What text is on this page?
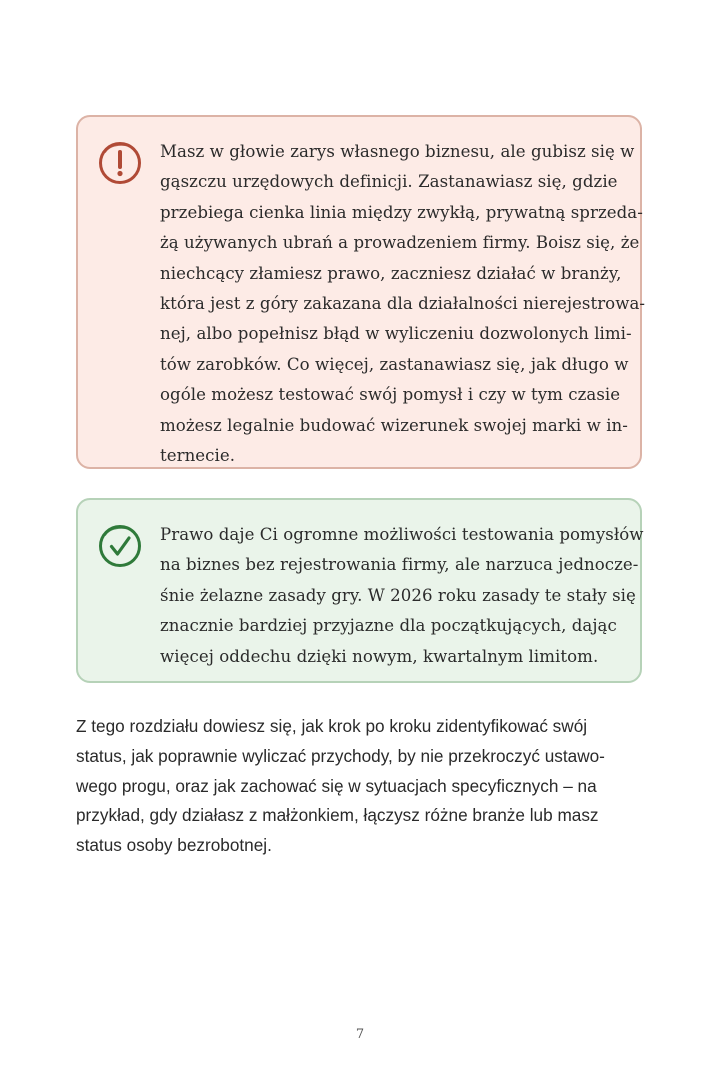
Masz w głowie zarys własnego biznesu, ale gubisz się w
gąszczu urzędowych definicji. Zastanawiasz się, gdzie
przebiega cienka linia między zwykłą, prywatną sprzeda-
żą używanych ubrań a prowadzeniem firmy. Boisz się, że
niechcący złamiesz prawo, zaczniesz działać w branży,
która jest z góry zakazana dla działalności nierejestrowa-
nej, albo popełnisz błąd w wyliczeniu dozwolonych limi-
tów zarobków. Co więcej, zastanawiasz się, jak długo w
ogóle możesz testować swój pomysł i czy w tym czasie
możesz legalnie budować wizerunek swojej marki w in-
ternecie.

Prawo daje Ci ogromne możliwości testowania pomysłów
na biznes bez rejestrowania firmy, ale narzuca jednocze-
śnie żelazne zasady gry. W 2026 roku zasady te stały się
znacznie bardziej przyjazne dla początkujących, dając
więcej oddechu dzięki nowym, kwartalnym limitom.

Z tego rozdziału dowiesz się, jak krok po kroku zidentyfikować swój
status, jak poprawnie wyliczać przychody, by nie przekroczyć ustawo-
wego progu, oraz jak zachować się w sytuacjach specyficznych – na
przykład, gdy działasz z małżonkiem, łączysz różne branże lub masz
status osoby bezrobotnej.

7
